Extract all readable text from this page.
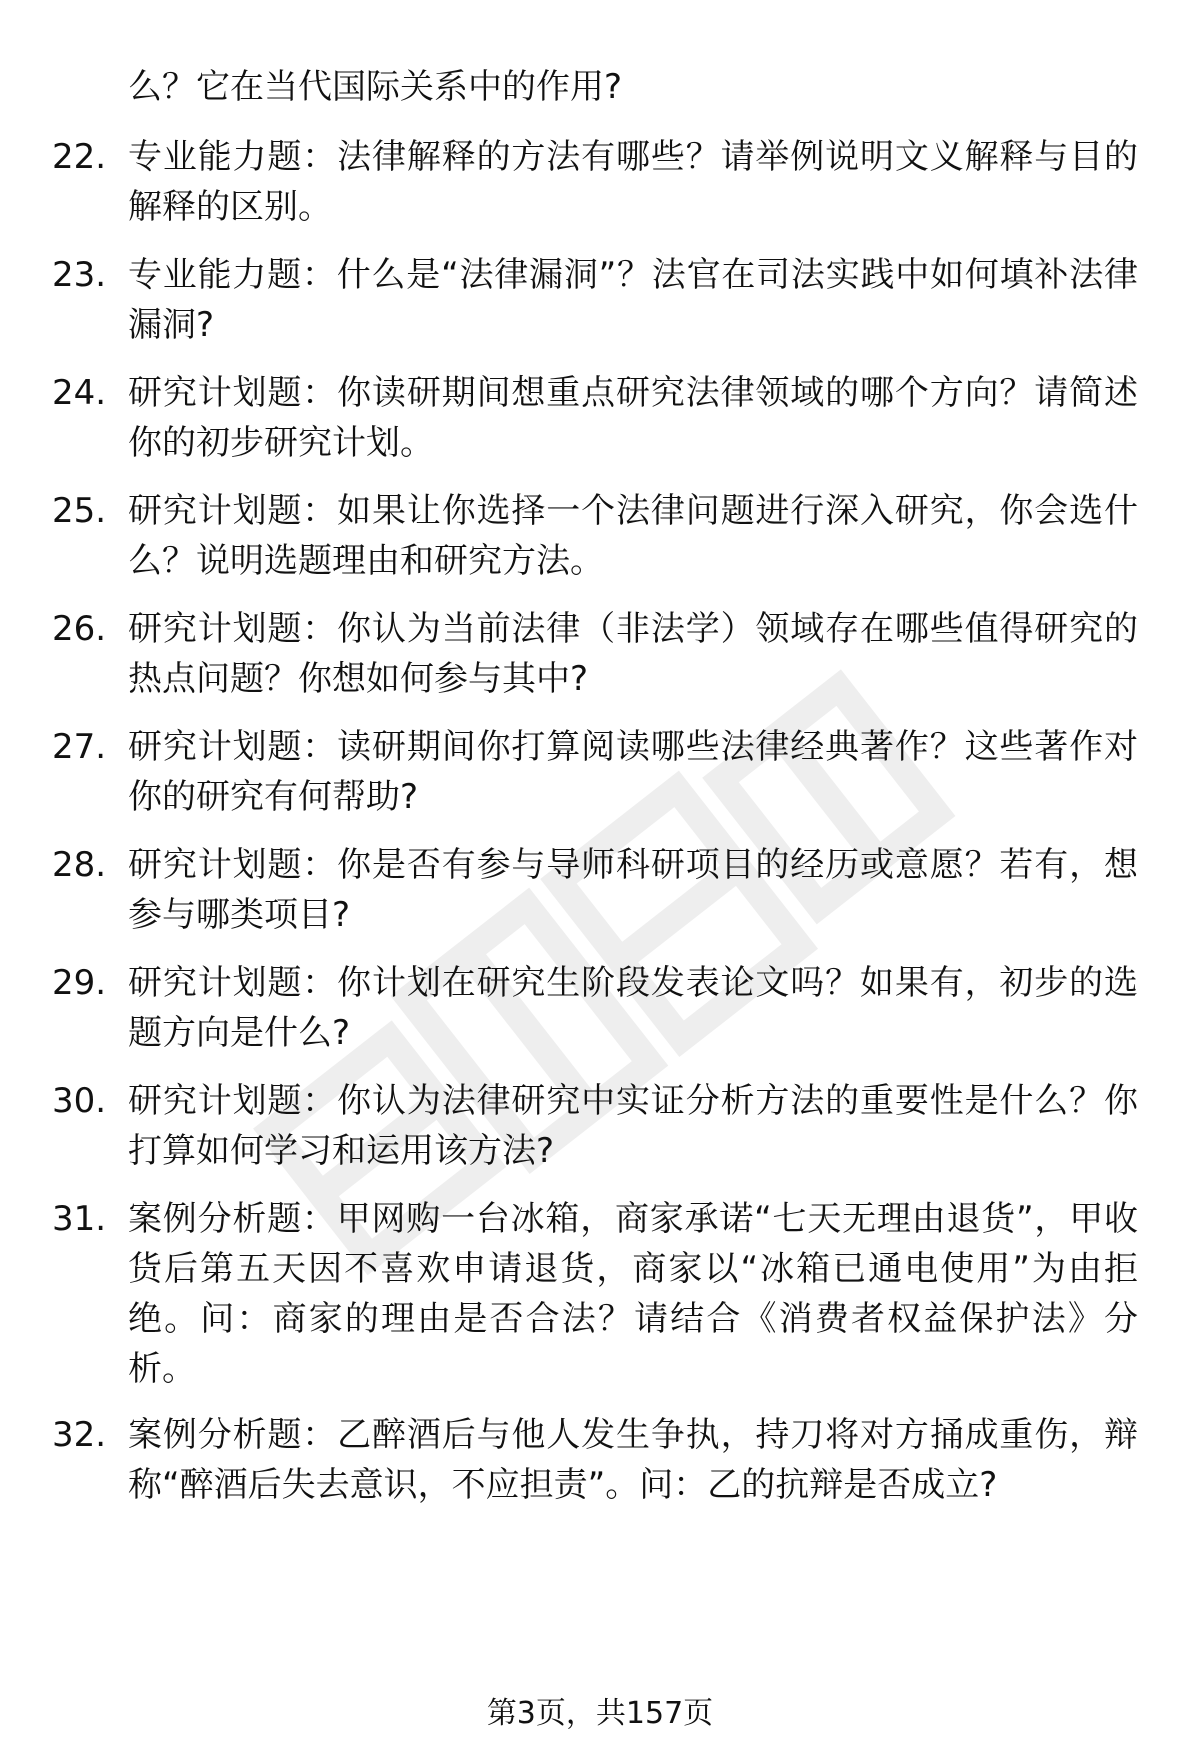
么？它在当代国际关系中的作用?
22. 专业能力题：法律解释的方法有哪些？请举例说明文义解释与目的解释的区别。
23. 专业能力题：什么是“法律漏洞”？法官在司法实践中如何填补法律漏洞?
24. 研究计划题：你读研期间想重点研究法律领域的哪个方向？请简述你的初步研究计划。
25. 研究计划题：如果让你选择一个法律问题进行深入研究，你会选什么？说明选题理由和研究方法。
26. 研究计划题：你认为当前法律（非法学）领域存在哪些值得研究的热点问题？你想如何参与其中?
27. 研究计划题：读研期间你打算阅读哪些法律经典著作？这些著作对你的研究有何帮助?
28. 研究计划题：你是否有参与导师科研项目的经历或意愿？若有，想参与哪类项目?
29. 研究计划题：你计划在研究生阶段发表论文吗？如果有，初步的选题方向是什么?
30. 研究计划题：你认为法律研究中实证分析方法的重要性是什么？你打算如何学习和运用该方法?
31. 案例分析题：甲网购一台冰箱，商家承诺“七天无理由退货”，甲收货后第五天因不喜欢申请退货，商家以“冰箱已通电使用”为由拒绝。问：商家的理由是否合法？请结合《消费者权益保护法》分析。
32. 案例分析题：乙醉酒后与他人发生争执，持刀将对方捅成重伤，辩称“醉酒后失去意识，不应担责”。问：乙的抗辩是否成立?
第3页，共157页
